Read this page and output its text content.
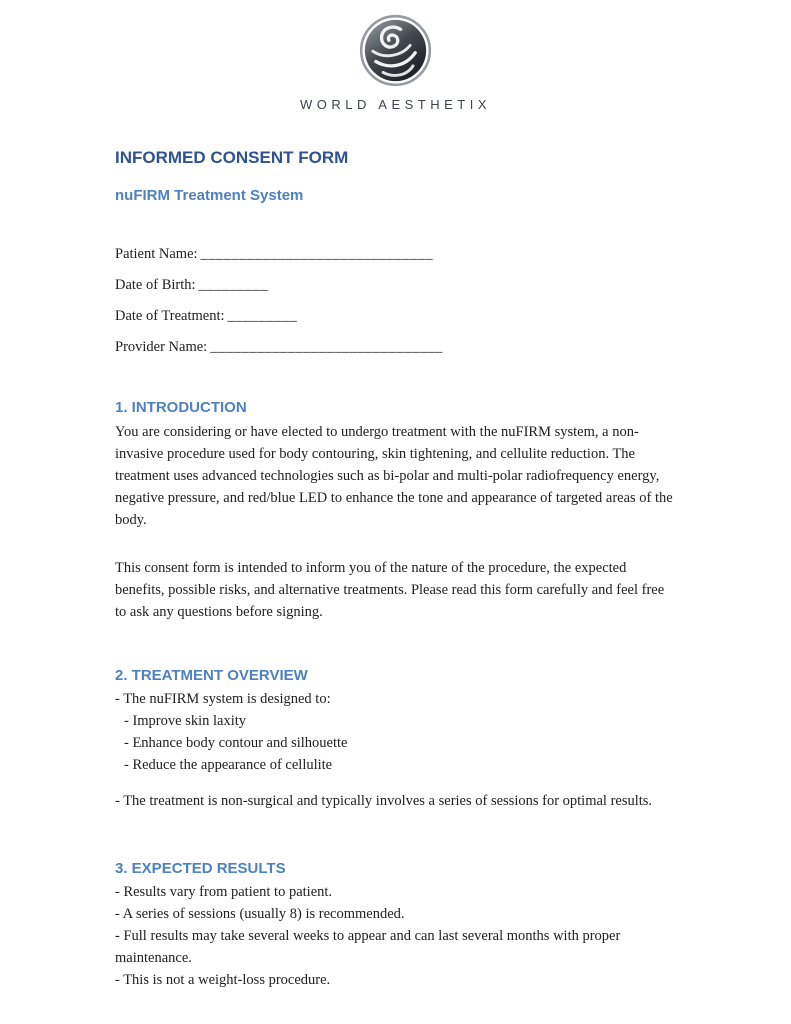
WORLD AESTHETIX
INFORMED CONSENT FORM
nuFIRM Treatment System

Patient Name: ______________________________

Date of Birth: _________

Date of Treatment: _________

Provider Name: ______________________________

1. INTRODUCTION

You are considering or have elected to undergo treatment with the nuFIRM system, a non-invasive procedure used for body contouring, skin tightening, and cellulite reduction. The treatment uses advanced technologies such as bi-polar and multi-polar radiofrequency energy, negative pressure, and red/blue LED to enhance the tone and appearance of targeted areas of the body.

This consent form is intended to inform you of the nature of the procedure, the expected benefits, possible risks, and alternative treatments. Please read this form carefully and feel free to ask any questions before signing.

2. TREATMENT OVERVIEW

- The nuFIRM system is designed to:

- Improve skin laxity

- Enhance body contour and silhouette

- Reduce the appearance of cellulite

- The treatment is non-surgical and typically involves a series of sessions for optimal results.

3. EXPECTED RESULTS

- Results vary from patient to patient.

- A series of sessions (usually 8) is recommended.

- Full results may take several weeks to appear and can last several months with proper maintenance.

- This is not a weight-loss procedure.
